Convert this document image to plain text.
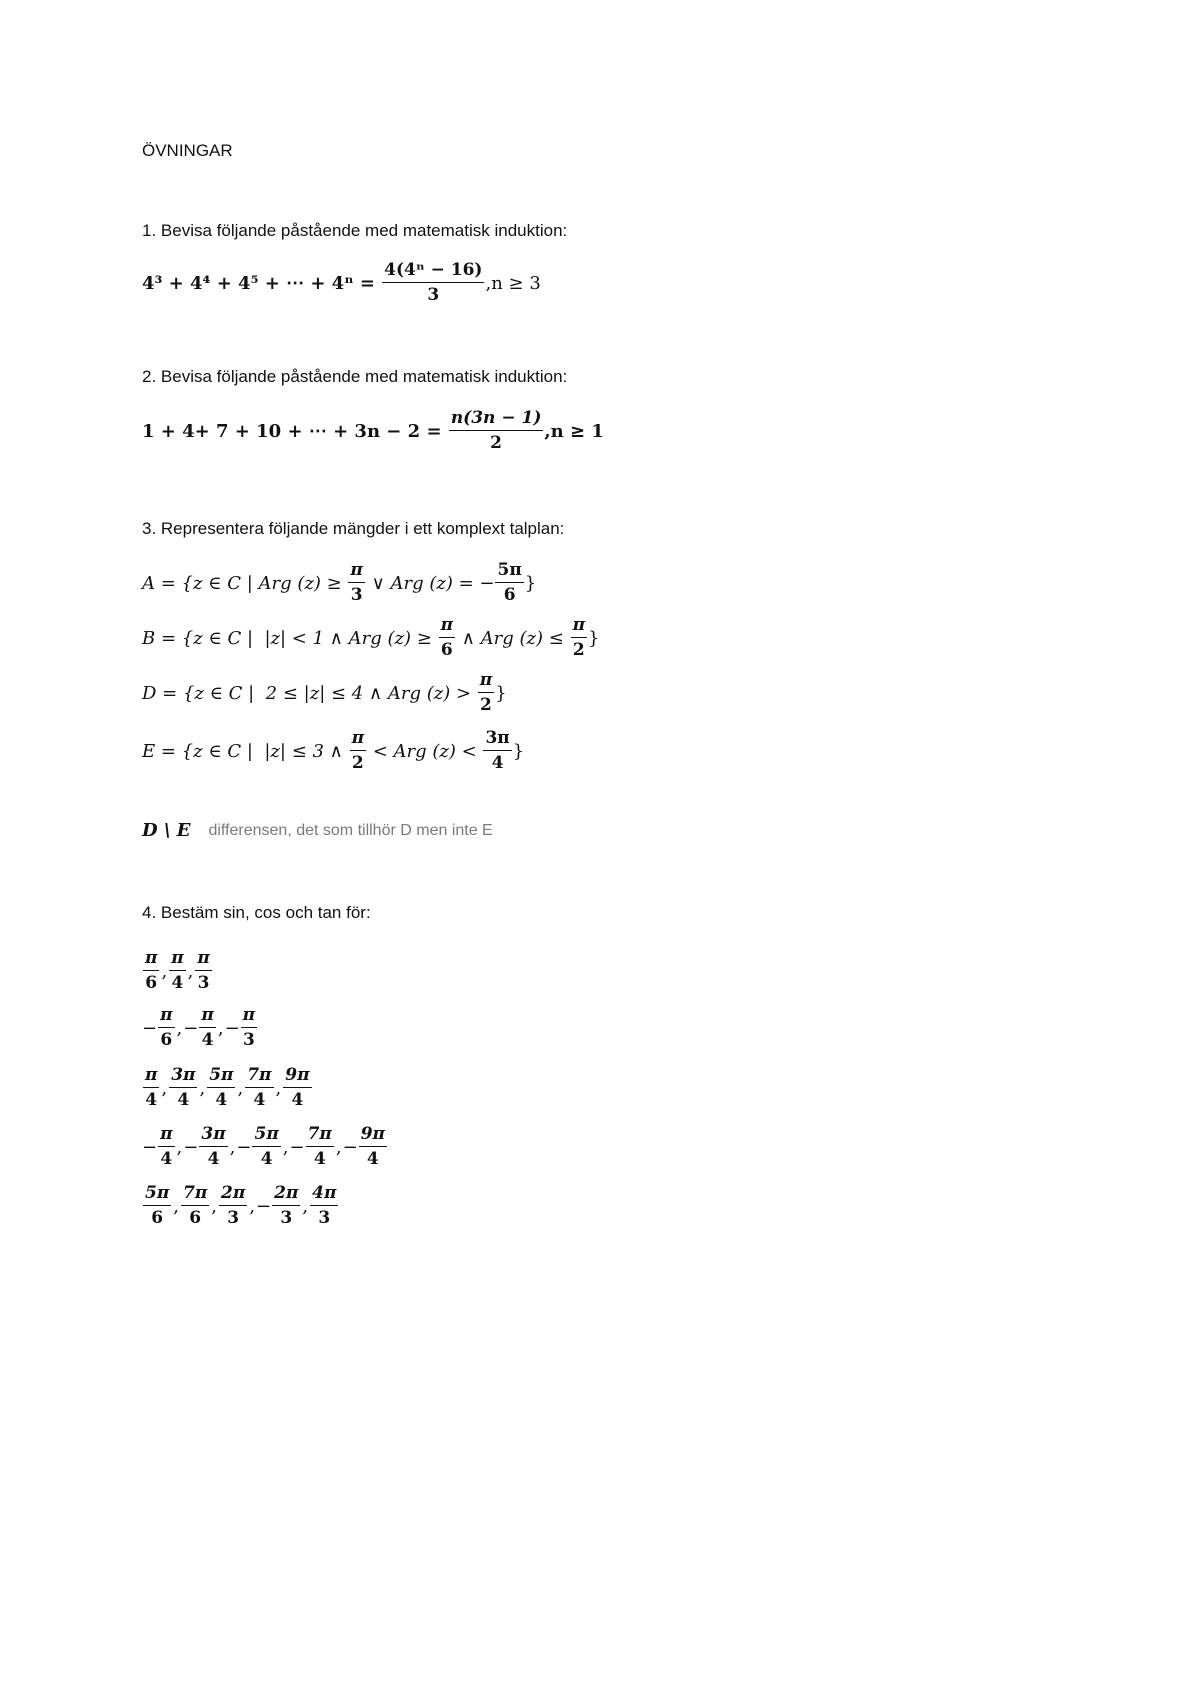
ÖVNINGAR
1. Bevisa följande påstående med matematisk induktion:
4³ + 4⁴ + 4⁵ + ⋯ + $4^n = \frac{\text{4(4ⁿ − 16)}}{3} ,n \ge 3$
2. Bevisa följande påstående med matematisk induktion:
1 + 4+ 7 + 10 + ⋯ + $3n - 2 = \frac{n(3n - 1)}{2} ,n \ge 1$
3. Representera följande mängder i ett komplext talplan:
A = {z ∈ C | Arg $(z) \ge \frac{\pi}{3}$ ∨ Arg (z) = − $\frac{5\pi}{6}$ }
B = {z ∈ C |  |z| < 1 ∧ Arg $(z) \ge \frac{\pi}{6}$ ∧ Arg $(z) \le \frac{\pi}{2}$ }
D = {z ∈ C |  2 ≤ |z| ≤ 4 ∧ Arg $(z) > \frac{\pi}{2}$ }
E = {z ∈ C |  |z| ≤ 3 ∧ $\frac{\pi}{2}$ < Arg $(z) < \frac{3\pi}{4}$ }
D \ E differensen, det som tillhör D men inte E
4. Bestäm sin, cos och tan för:
$\frac{\pi}{6}$ , $\frac{\pi}{4}$ , $\frac{\pi}{3}$
− $\frac{\pi}{6}$ , − $\frac{\pi}{4}$ , − $\frac{\pi}{3}$
$\frac{\pi}{4}$ , $\frac{3\pi}{4}$ , $\frac{5\pi}{4}$ , $\frac{7\pi}{4}$ , $\frac{9\pi}{4}$
− $\frac{\pi}{4}$ , − $\frac{3\pi}{4}$ , − $\frac{5\pi}{4}$ , − $\frac{7\pi}{4}$ , − $\frac{9\pi}{4}$
$\frac{5\pi}{6}$ , $\frac{7\pi}{6}$ , $\frac{2\pi}{3}$ , − $\frac{2\pi}{3}$ , $\frac{4\pi}{3}$
